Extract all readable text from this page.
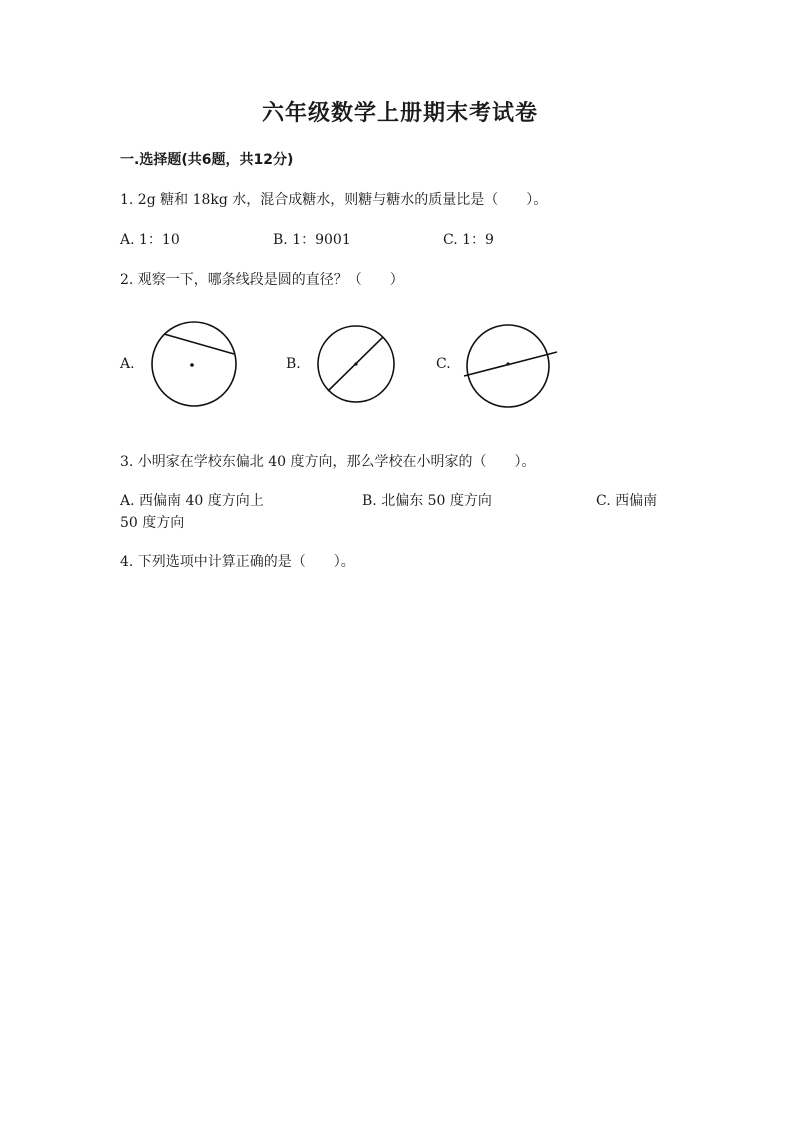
六年级数学上册期末考试卷
一.选择题(共6题，共12分)
1. 2g 糖和 18kg 水，混合成糖水，则糖与糖水的质量比是（　　）。
A. 1：10	B. 1：9001	C. 1：9
2. 观察一下，哪条线段是圆的直径？（　　）
A.	B.	C.
3. 小明家在学校东偏北 40 度方向，那么学校在小明家的（　　）。
A. 西偏南 40 度方向上	B. 北偏东 50 度方向	C. 西偏南
50 度方向
4. 下列选项中计算正确的是（　　）。
